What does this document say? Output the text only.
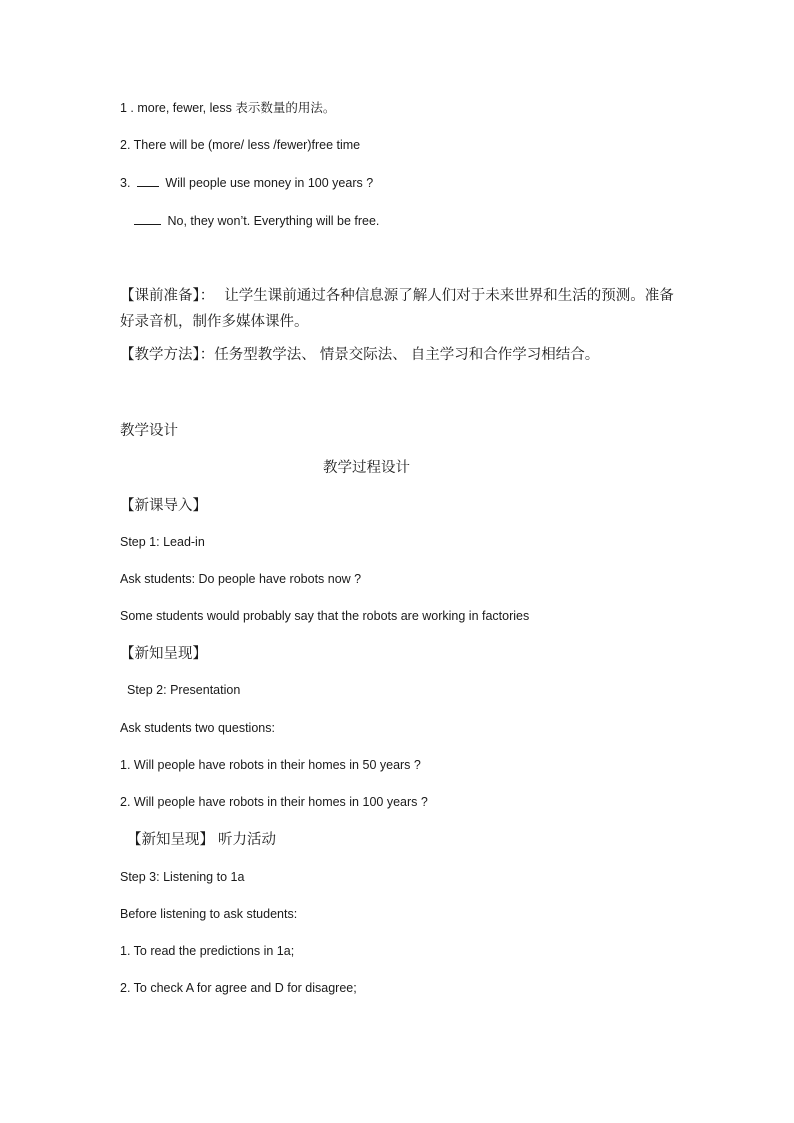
1 . more, fewer, less 表示数量的用法。
2. There will be (more/ less /fewer)free time
3.	Will people use money in 100 years ?
No, they won’t. Everything will be free.
【课前准备】： 让学生课前通过各种信息源了解人们对于未来世界和生活的预测。准备好录音机，制作多媒体课件。
【教学方法】：任务型教学法、 情景交际法、 自主学习和合作学习相结合。
教学设计
教学过程设计
【新课导入】
Step 1: Lead-in
Ask students: Do people have robots now ?
Some students would probably say that the robots are working in factories
【新知呈现】
Step 2: Presentation
Ask students two questions:
1. Will people have robots in their homes in 50 years ?
2. Will people have robots in their homes in 100 years ?
【新知呈现】 听力活动
Step 3: Listening to 1a
Before listening to ask students:
1. To read the predictions in 1a;
2. To check A for agree and D for disagree;
